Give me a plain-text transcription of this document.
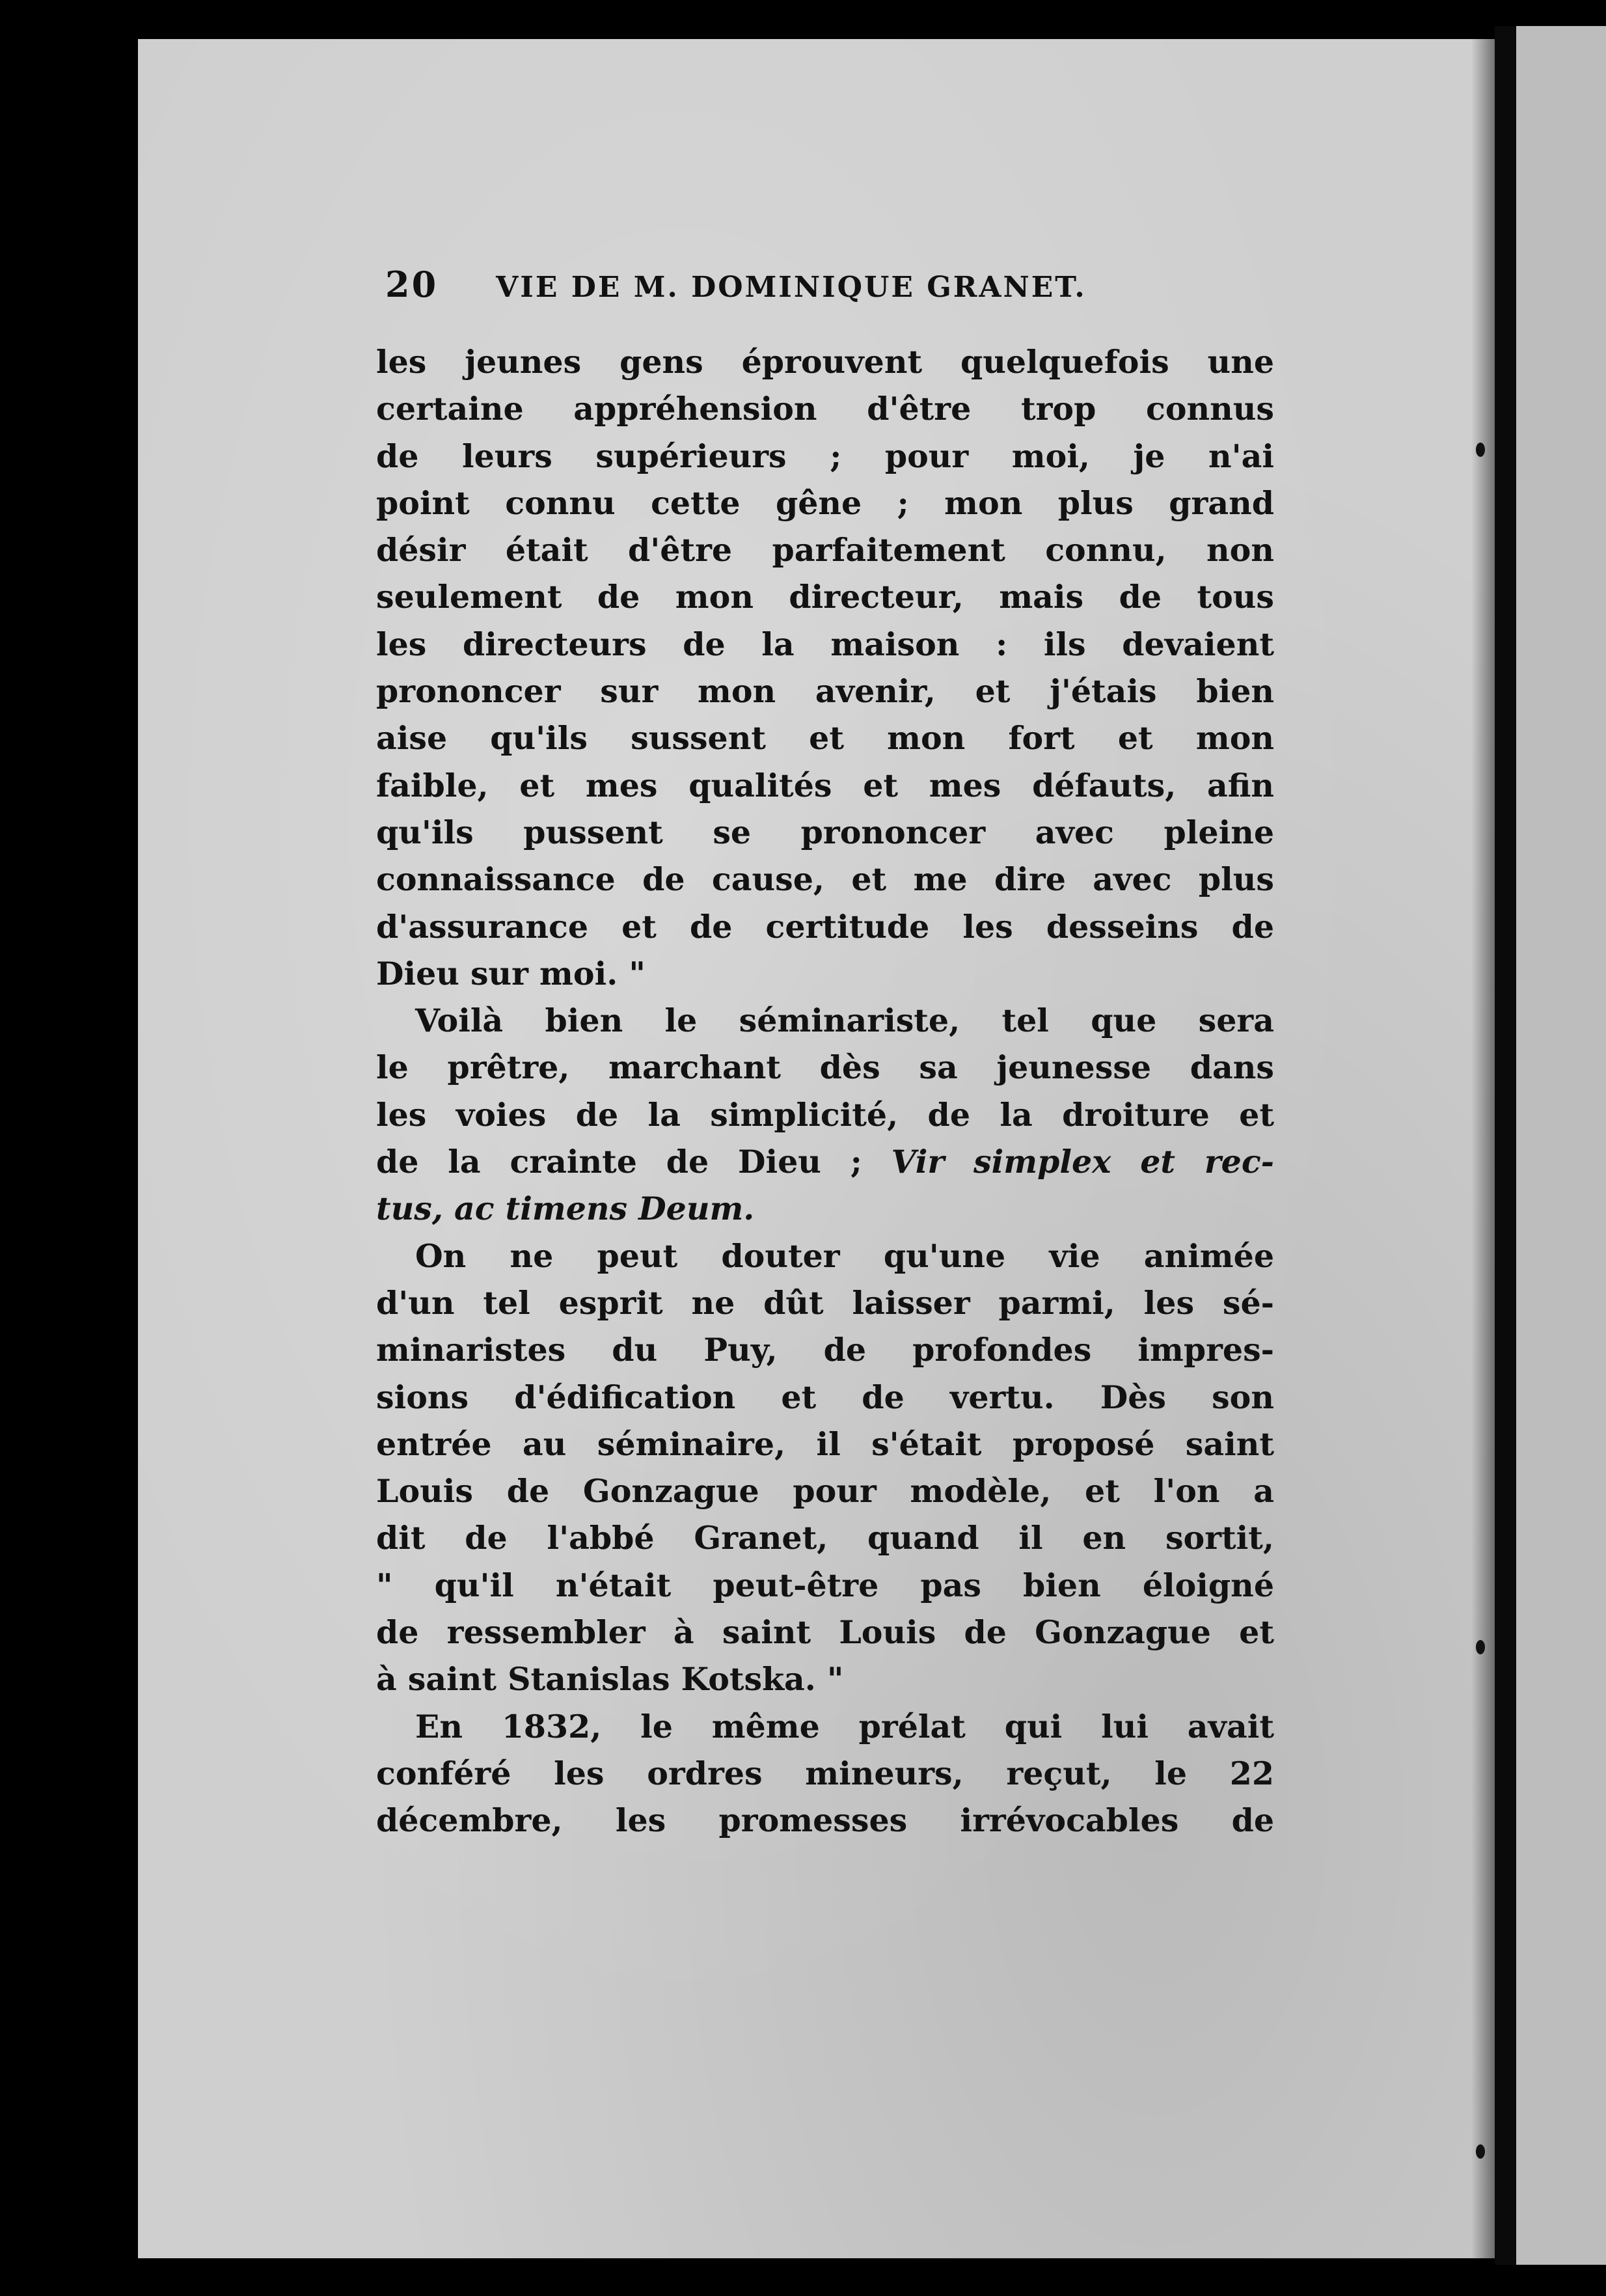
20 VIE DE M. DOMINIQUE GRANET.
les jeunes gens éprouvent quelquefois une
certaine appréhension d'être trop connus
de leurs supérieurs ; pour moi, je n'ai
point connu cette gêne ; mon plus grand
désir était d'être parfaitement connu, non
seulement de mon directeur, mais de tous
les directeurs de la maison : ils devaient
prononcer sur mon avenir, et j'étais bien
aise qu'ils sussent et mon fort et mon
faible, et mes qualités et mes défauts, afin
qu'ils pussent se prononcer avec pleine
connaissance de cause, et me dire avec plus
d'assurance et de certitude les desseins de
Dieu sur moi. "
Voilà bien le séminariste, tel que sera
le prêtre, marchant dès sa jeunesse dans
les voies de la simplicité, de la droiture et
de la crainte de Dieu ; Vir simplex et rec-
tus, ac timens Deum.
On ne peut douter qu'une vie animée
d'un tel esprit ne dût laisser parmi, les sé-
minaristes du Puy, de profondes impres-
sions d'édification et de vertu. Dès son
entrée au séminaire, il s'était proposé saint
Louis de Gonzague pour modèle, et l'on a
dit de l'abbé Granet, quand il en sortit,
" qu'il n'était peut-être pas bien éloigné
de ressembler à saint Louis de Gonzague et
à saint Stanislas Kotska. "
En 1832, le même prélat qui lui avait
conféré les ordres mineurs, reçut, le 22
décembre, les promesses irrévocables de
